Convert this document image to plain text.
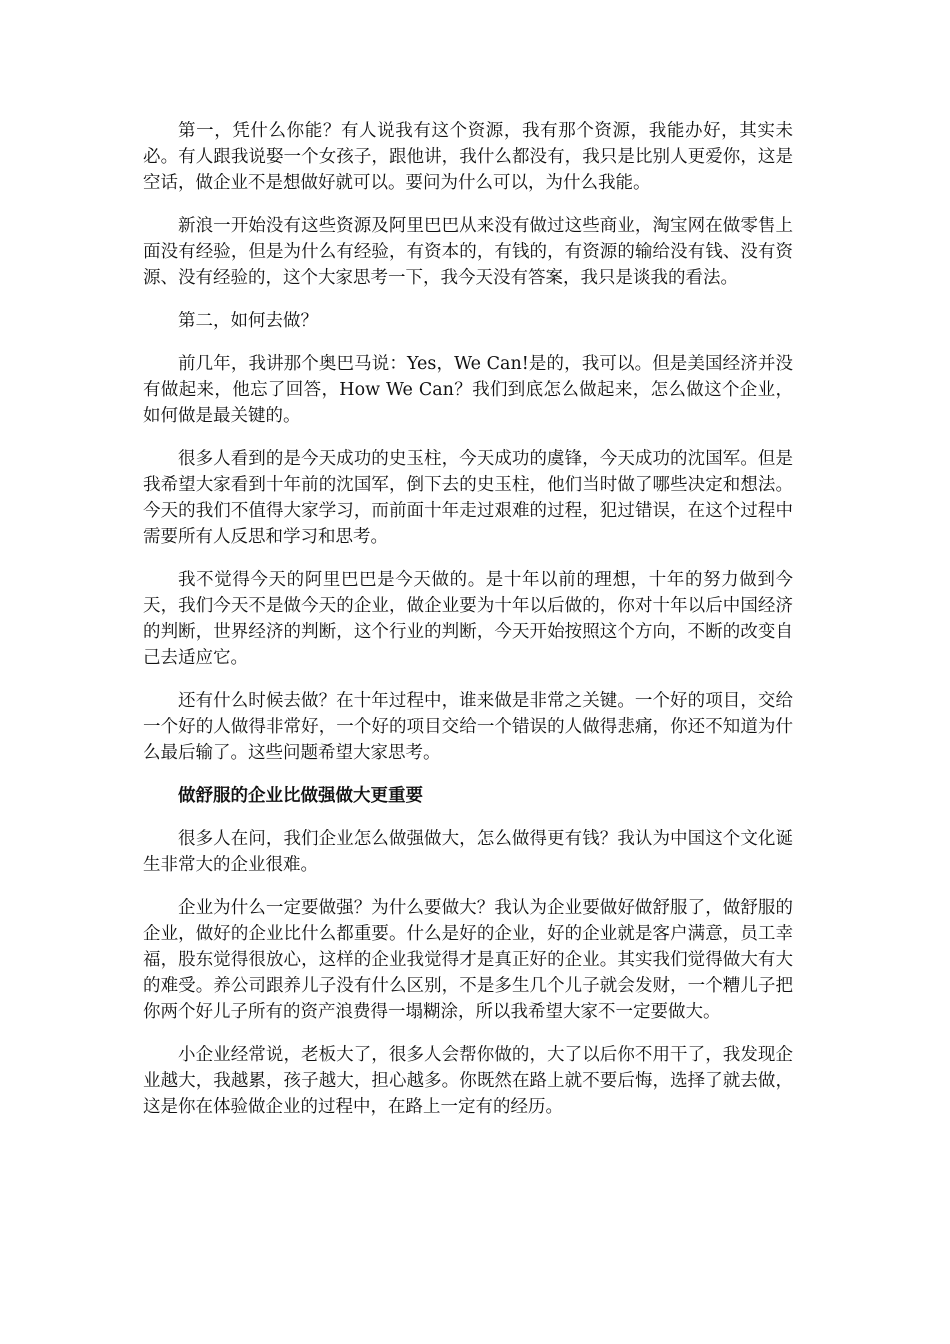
第一，凭什么你能？有人说我有这个资源，我有那个资源，我能办好，其实未必。有人跟我说娶一个女孩子，跟他讲，我什么都没有，我只是比别人更爱你，这是空话，做企业不是想做好就可以。要问为什么可以，为什么我能。

新浪一开始没有这些资源及阿里巴巴从来没有做过这些商业，淘宝网在做零售上面没有经验，但是为什么有经验，有资本的，有钱的，有资源的输给没有钱、没有资源、没有经验的，这个大家思考一下，我今天没有答案，我只是谈我的看法。

第二，如何去做？

前几年，我讲那个奥巴马说：Yes，We Can!是的，我可以。但是美国经济并没有做起来，他忘了回答，How We Can？我们到底怎么做起来，怎么做这个企业，如何做是最关键的。

很多人看到的是今天成功的史玉柱，今天成功的虞锋，今天成功的沈国军。但是我希望大家看到十年前的沈国军，倒下去的史玉柱，他们当时做了哪些决定和想法。今天的我们不值得大家学习，而前面十年走过艰难的过程，犯过错误，在这个过程中需要所有人反思和学习和思考。

我不觉得今天的阿里巴巴是今天做的。是十年以前的理想，十年的努力做到今天，我们今天不是做今天的企业，做企业要为十年以后做的，你对十年以后中国经济的判断，世界经济的判断，这个行业的判断，今天开始按照这个方向，不断的改变自己去适应它。

还有什么时候去做？在十年过程中，谁来做是非常之关键。一个好的项目，交给一个好的人做得非常好，一个好的项目交给一个错误的人做得悲痛，你还不知道为什么最后输了。这些问题希望大家思考。

做舒服的企业比做强做大更重要

很多人在问，我们企业怎么做强做大，怎么做得更有钱？我认为中国这个文化诞生非常大的企业很难。

企业为什么一定要做强？为什么要做大？我认为企业要做好做舒服了，做舒服的企业，做好的企业比什么都重要。什么是好的企业，好的企业就是客户满意，员工幸福，股东觉得很放心，这样的企业我觉得才是真正好的企业。其实我们觉得做大有大的难受。养公司跟养儿子没有什么区别，不是多生几个儿子就会发财，一个糟儿子把你两个好儿子所有的资产浪费得一塌糊涂，所以我希望大家不一定要做大。

小企业经常说，老板大了，很多人会帮你做的，大了以后你不用干了，我发现企业越大，我越累，孩子越大，担心越多。你既然在路上就不要后悔，选择了就去做，这是你在体验做企业的过程中，在路上一定有的经历。
